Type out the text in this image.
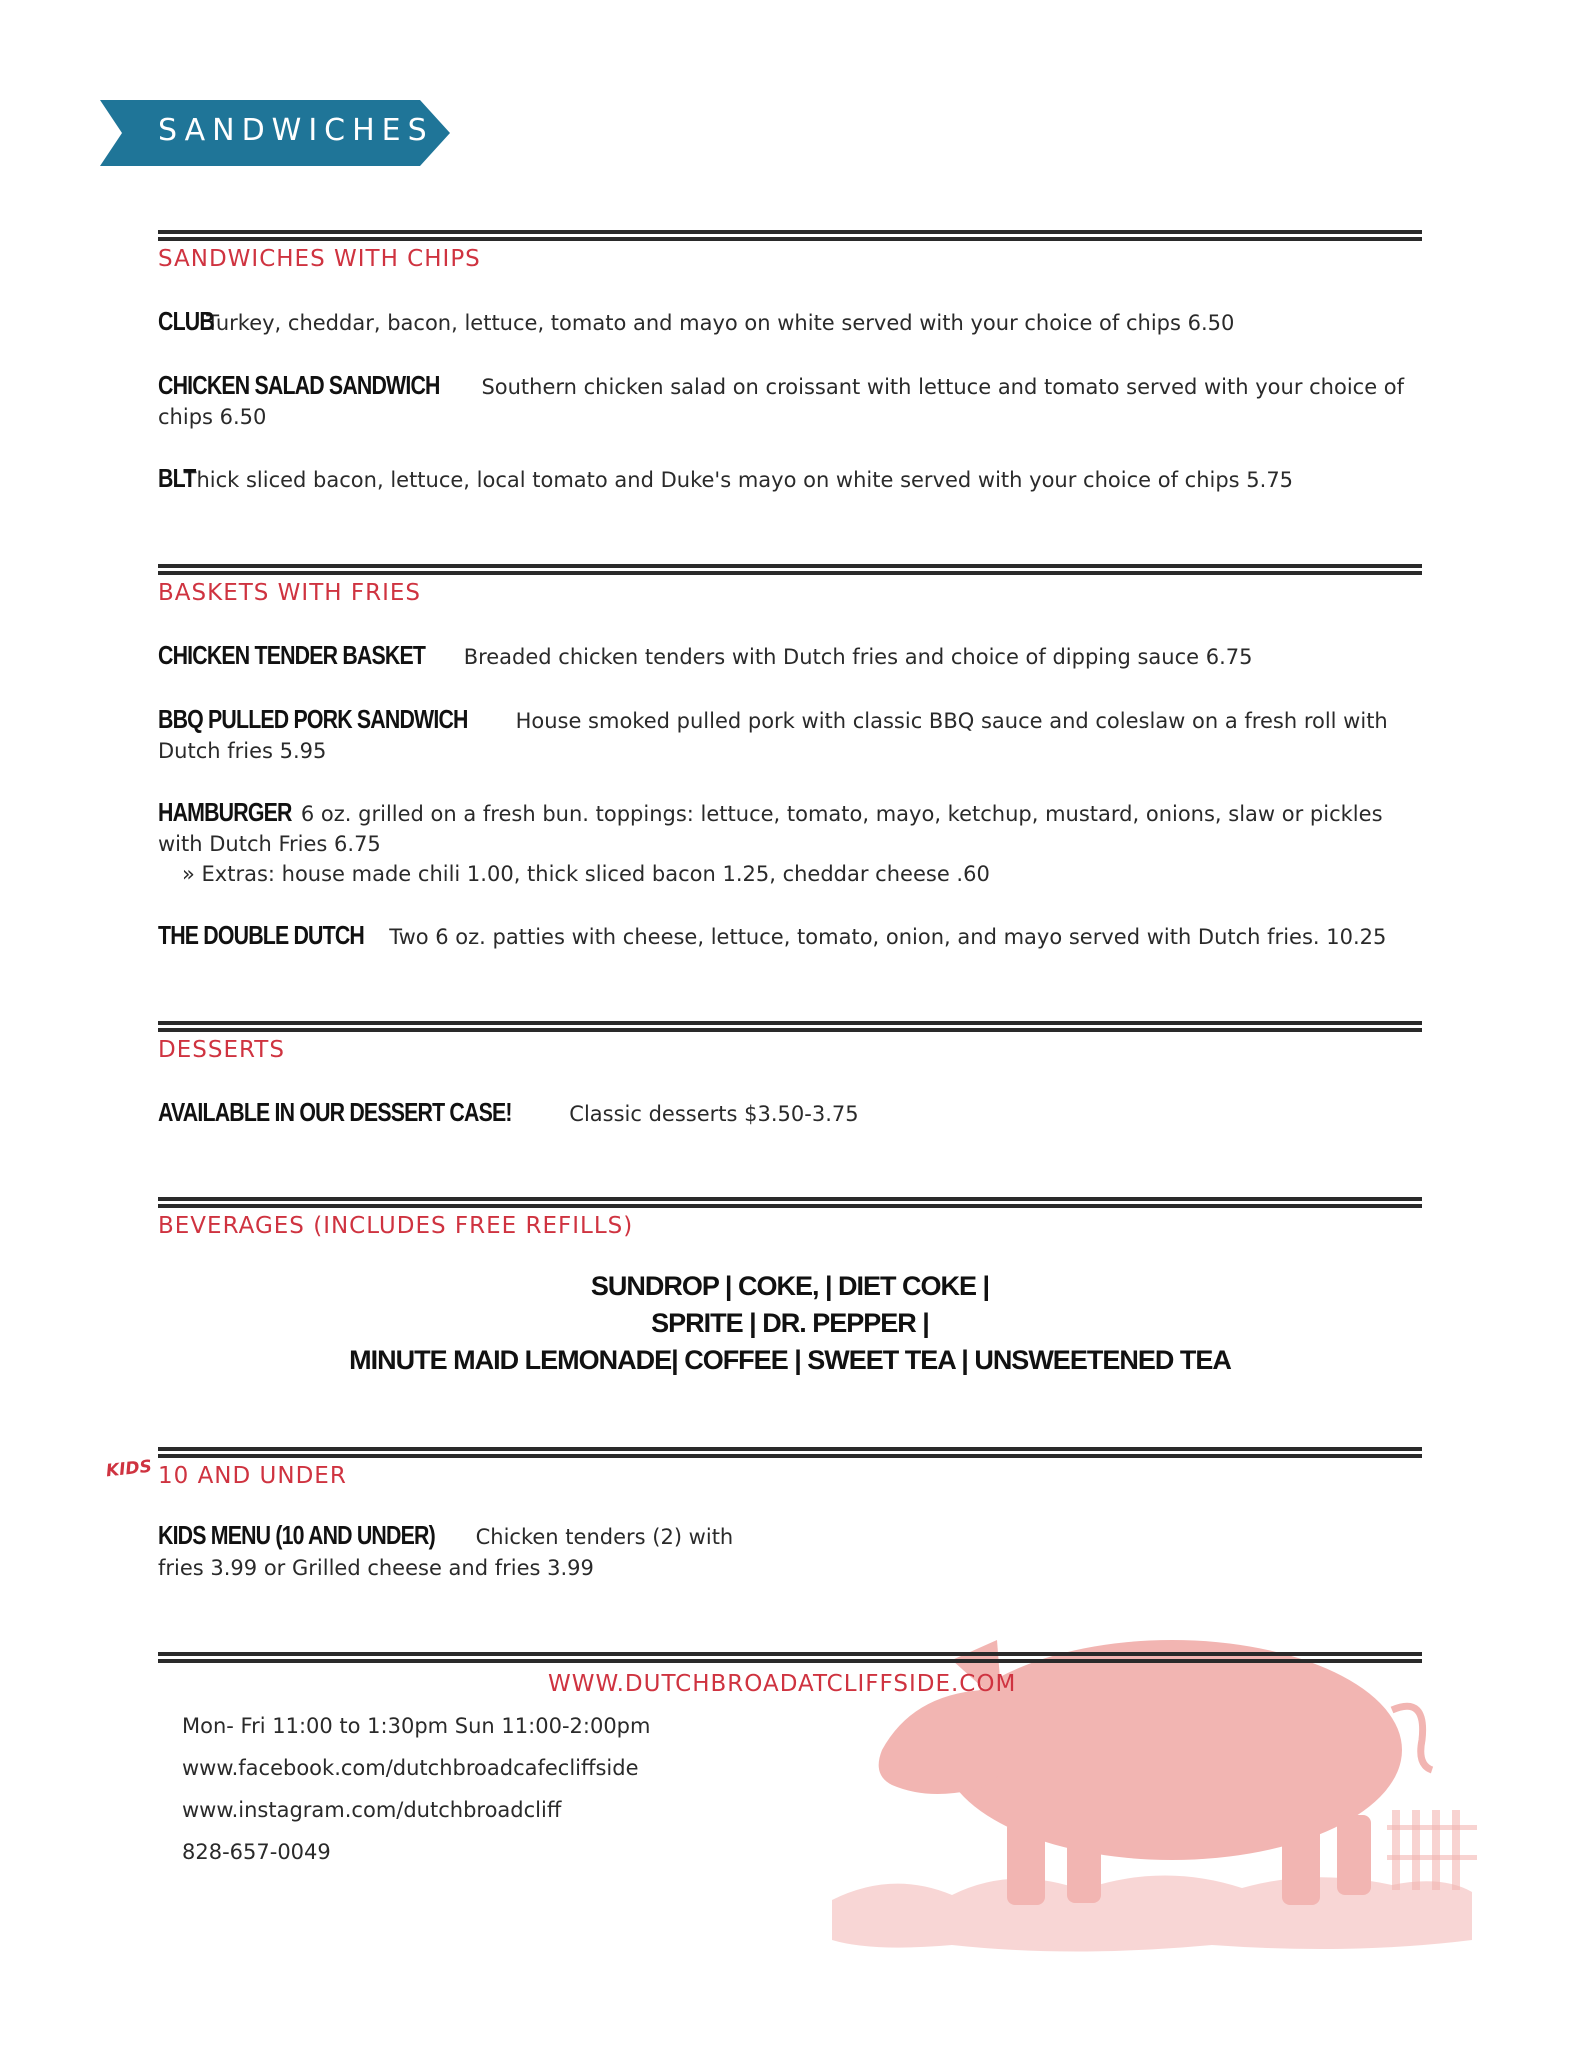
SANDWICHES
SANDWICHES WITH CHIPS
CLUBTurkey, cheddar, bacon, lettuce, tomato and mayo on white served with your choice of chips 6.50
CHICKEN SALAD SANDWICH Southern chicken salad on croissant with lettuce and tomato served with your choice of chips 6.50
BLTThick sliced bacon, lettuce, local tomato and Duke's mayo on white served with your choice of chips 5.75
BASKETS WITH FRIES
CHICKEN TENDER BASKET Breaded chicken tenders with Dutch fries and choice of dipping sauce 6.75
BBQ PULLED PORK SANDWICH House smoked pulled pork with classic BBQ sauce and coleslaw on a fresh roll with Dutch fries 5.95
HAMBURGER 6 oz. grilled on a fresh bun. toppings: lettuce, tomato, mayo, ketchup, mustard, onions, slaw or pickles with Dutch Fries 6.75
» Extras: house made chili 1.00, thick sliced bacon 1.25, cheddar cheese .60
THE DOUBLE DUTCH Two 6 oz. patties with cheese, lettuce, tomato, onion, and mayo served with Dutch fries. 10.25
DESSERTS
AVAILABLE IN OUR DESSERT CASE!	Classic desserts $3.50-3.75
BEVERAGES (INCLUDES FREE REFILLS)
SUNDROP | COKE, | DIET COKE |
SPRITE | DR. PEPPER |
MINUTE MAID LEMONADE| COFFEE | SWEET TEA | UNSWEETENED TEA
KIDS 10 AND UNDER
KIDS MENU (10 AND UNDER) Chicken tenders (2) with
fries 3.99 or Grilled cheese and fries 3.99
WWW.DUTCHBROADATCLIFFSIDE.COM
Mon- Fri 11:00 to 1:30pm Sun 11:00-2:00pm
www.facebook.com/dutchbroadcafecliffside
www.instagram.com/dutchbroadcliff
828-657-0049
